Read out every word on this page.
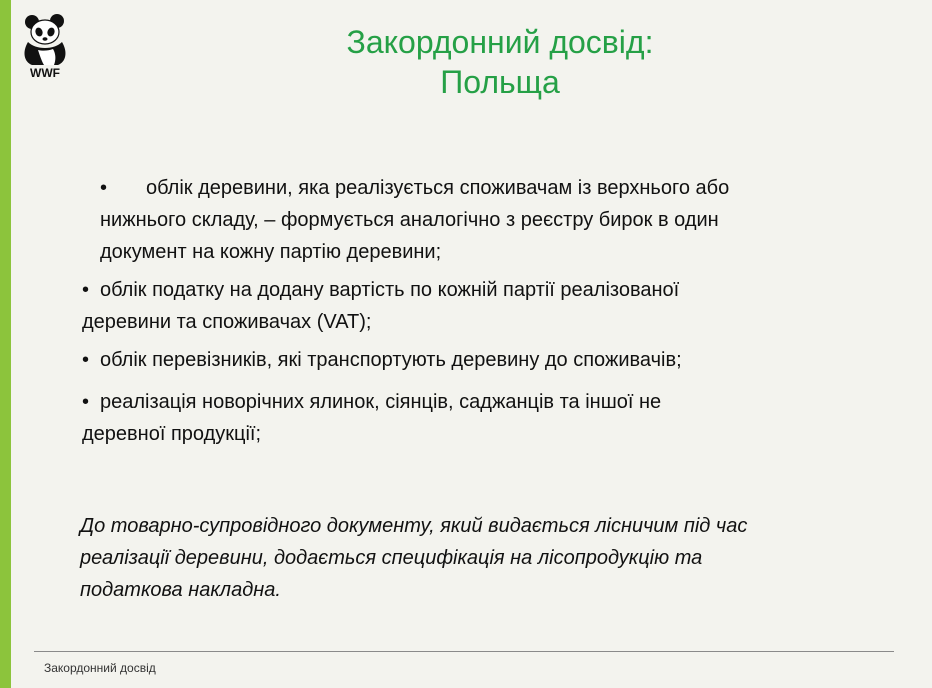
WWF
Закордонний досвід:
Польща
• облік деревини, яка реалізується споживачам із верхнього або
нижнього складу, – формується аналогічно з реєстру бирок в один
документ на кожну партію деревини;
• облік податку на додану вартість по кожній партії реалізованої
деревини та споживачах (VAT);
• облік перевізників, які транспортують деревину до споживачів;
• реалізація новорічних ялинок, сіянців, саджанців та іншої не
деревної продукції;
До товарно-супровідного документу, який видається лісничим під час
реалізації деревини, додається специфікація на лісопродукцію та
податкова накладна.
Закордонний досвід
